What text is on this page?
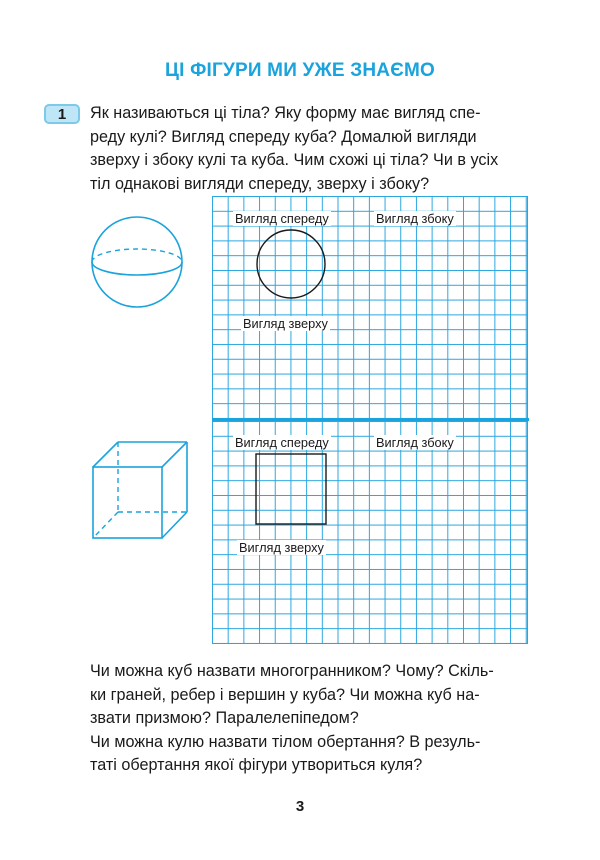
ЦІ ФІГУРИ МИ УЖЕ ЗНАЄМО
1	Як називаються ці тіла? Яку форму має вигляд спе-
реду кулі? Вигляд спереду куба? Домалюй вигляди
зверху і збоку кулі та куба. Чим схожі ці тіла? Чи в усіх
тіл однакові вигляди спереду, зверху і збоку?
Вигляд спереду	Вигляд збоку
Вигляд зверху
Вигляд спереду	Вигляд збоку
Вигляд зверху
Чи можна куб назвати многогранником? Чому? Скіль-
ки граней, ребер і вершин у куба? Чи можна куб на-
звати призмою? Паралелепіпедом?
Чи можна кулю назвати тілом обертання? В резуль-
таті обертання якої фігури утвориться куля?
3
